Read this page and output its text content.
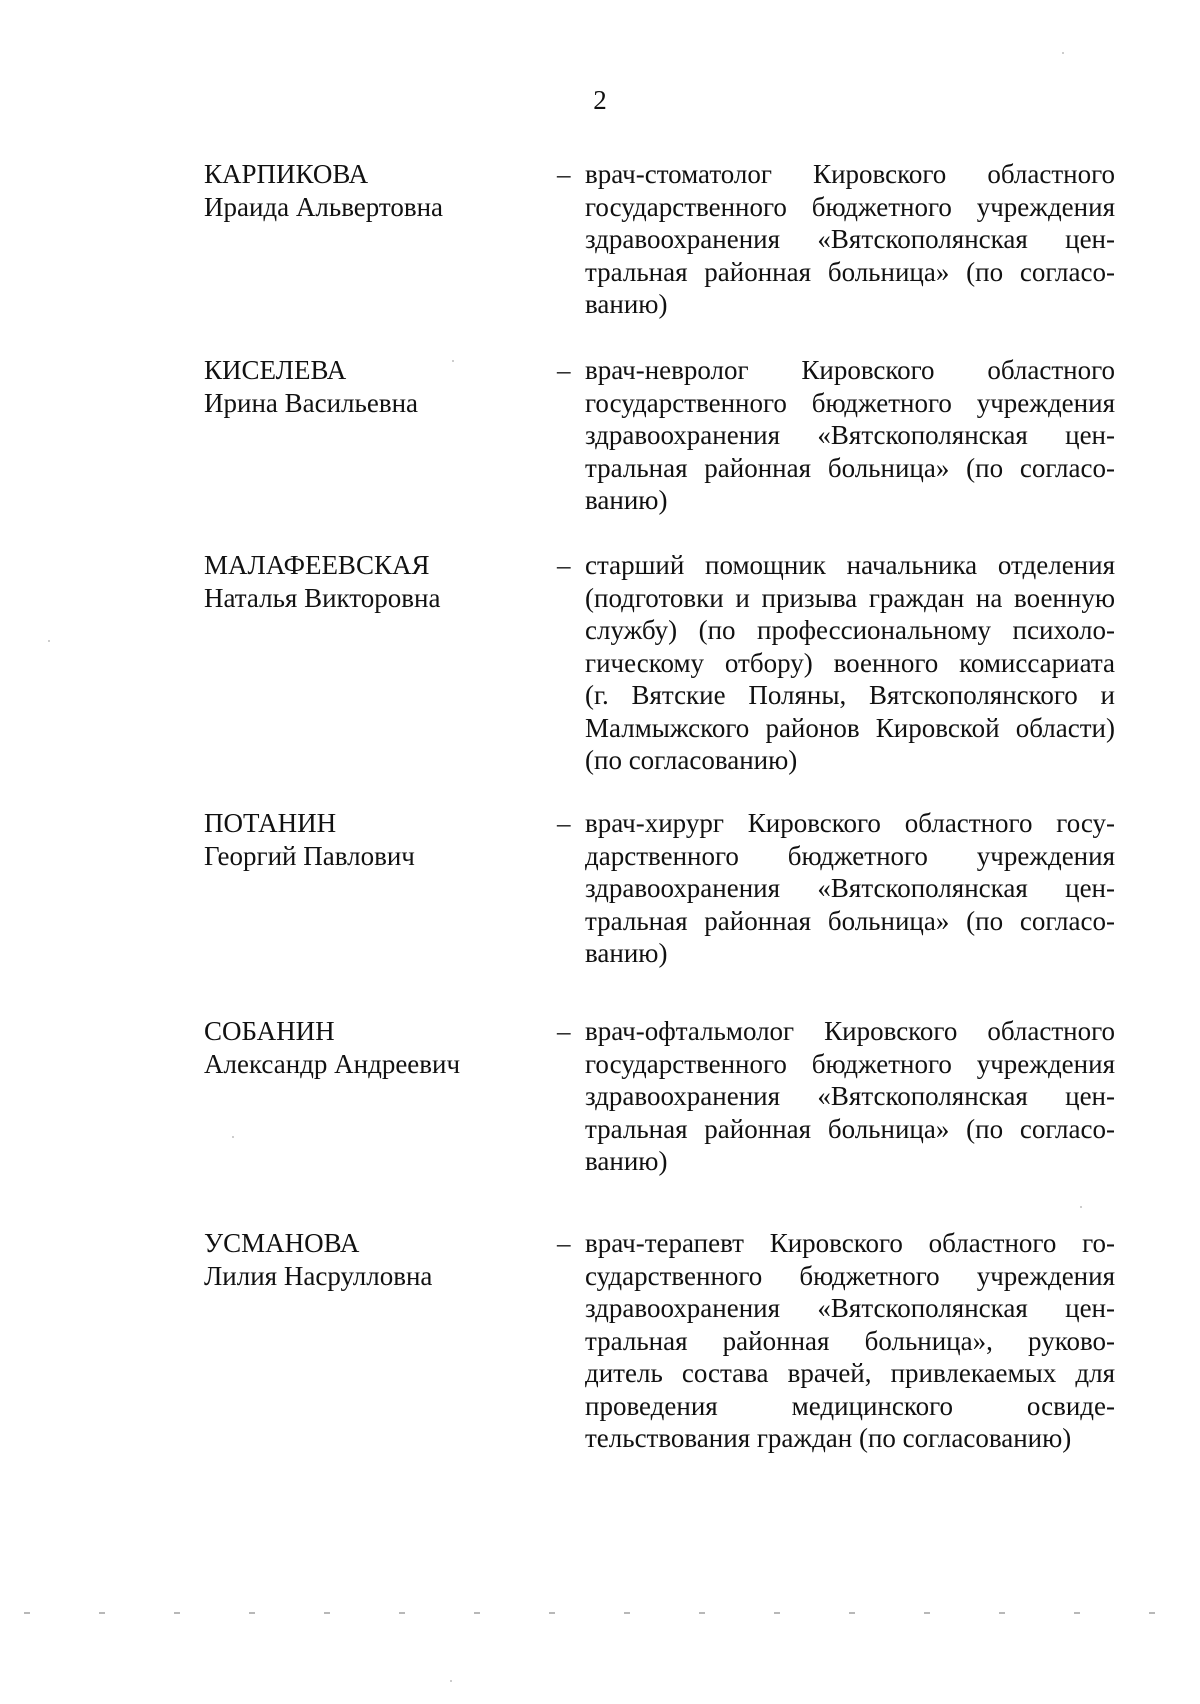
2
КАРПИКОВА
Ираида Альвертовна
– врач-стоматолог Кировского областного
государственного бюджетного учреждения
здравоохранения «Вятскополянская цен-
тральная районная больница» (по согласо-
ванию)
КИСЕЛЕВА
Ирина Васильевна
– врач-невролог Кировского областного
государственного бюджетного учреждения
здравоохранения «Вятскополянская цен-
тральная районная больница» (по согласо-
ванию)
МАЛАФЕЕВСКАЯ
Наталья Викторовна
– старший помощник начальника отделения
(подготовки и призыва граждан на военную
службу) (по профессиональному психоло-
гическому отбору) военного комиссариата
(г. Вятские Поляны, Вятскополянского и
Малмыжского районов Кировской области)
(по согласованию)
ПОТАНИН
Георгий Павлович
– врач-хирург Кировского областного госу-
дарственного бюджетного учреждения
здравоохранения «Вятскополянская цен-
тральная районная больница» (по согласо-
ванию)
СОБАНИН
Александр Андреевич
– врач-офтальмолог Кировского областного
государственного бюджетного учреждения
здравоохранения «Вятскополянская цен-
тральная районная больница» (по согласо-
ванию)
УСМАНОВА
Лилия Насрулловна
– врач-терапевт Кировского областного го-
сударственного бюджетного учреждения
здравоохранения «Вятскополянская цен-
тральная районная больница», руково-
дитель состава врачей, привлекаемых для
проведения медицинского освиде-
тельствования граждан (по согласованию)
